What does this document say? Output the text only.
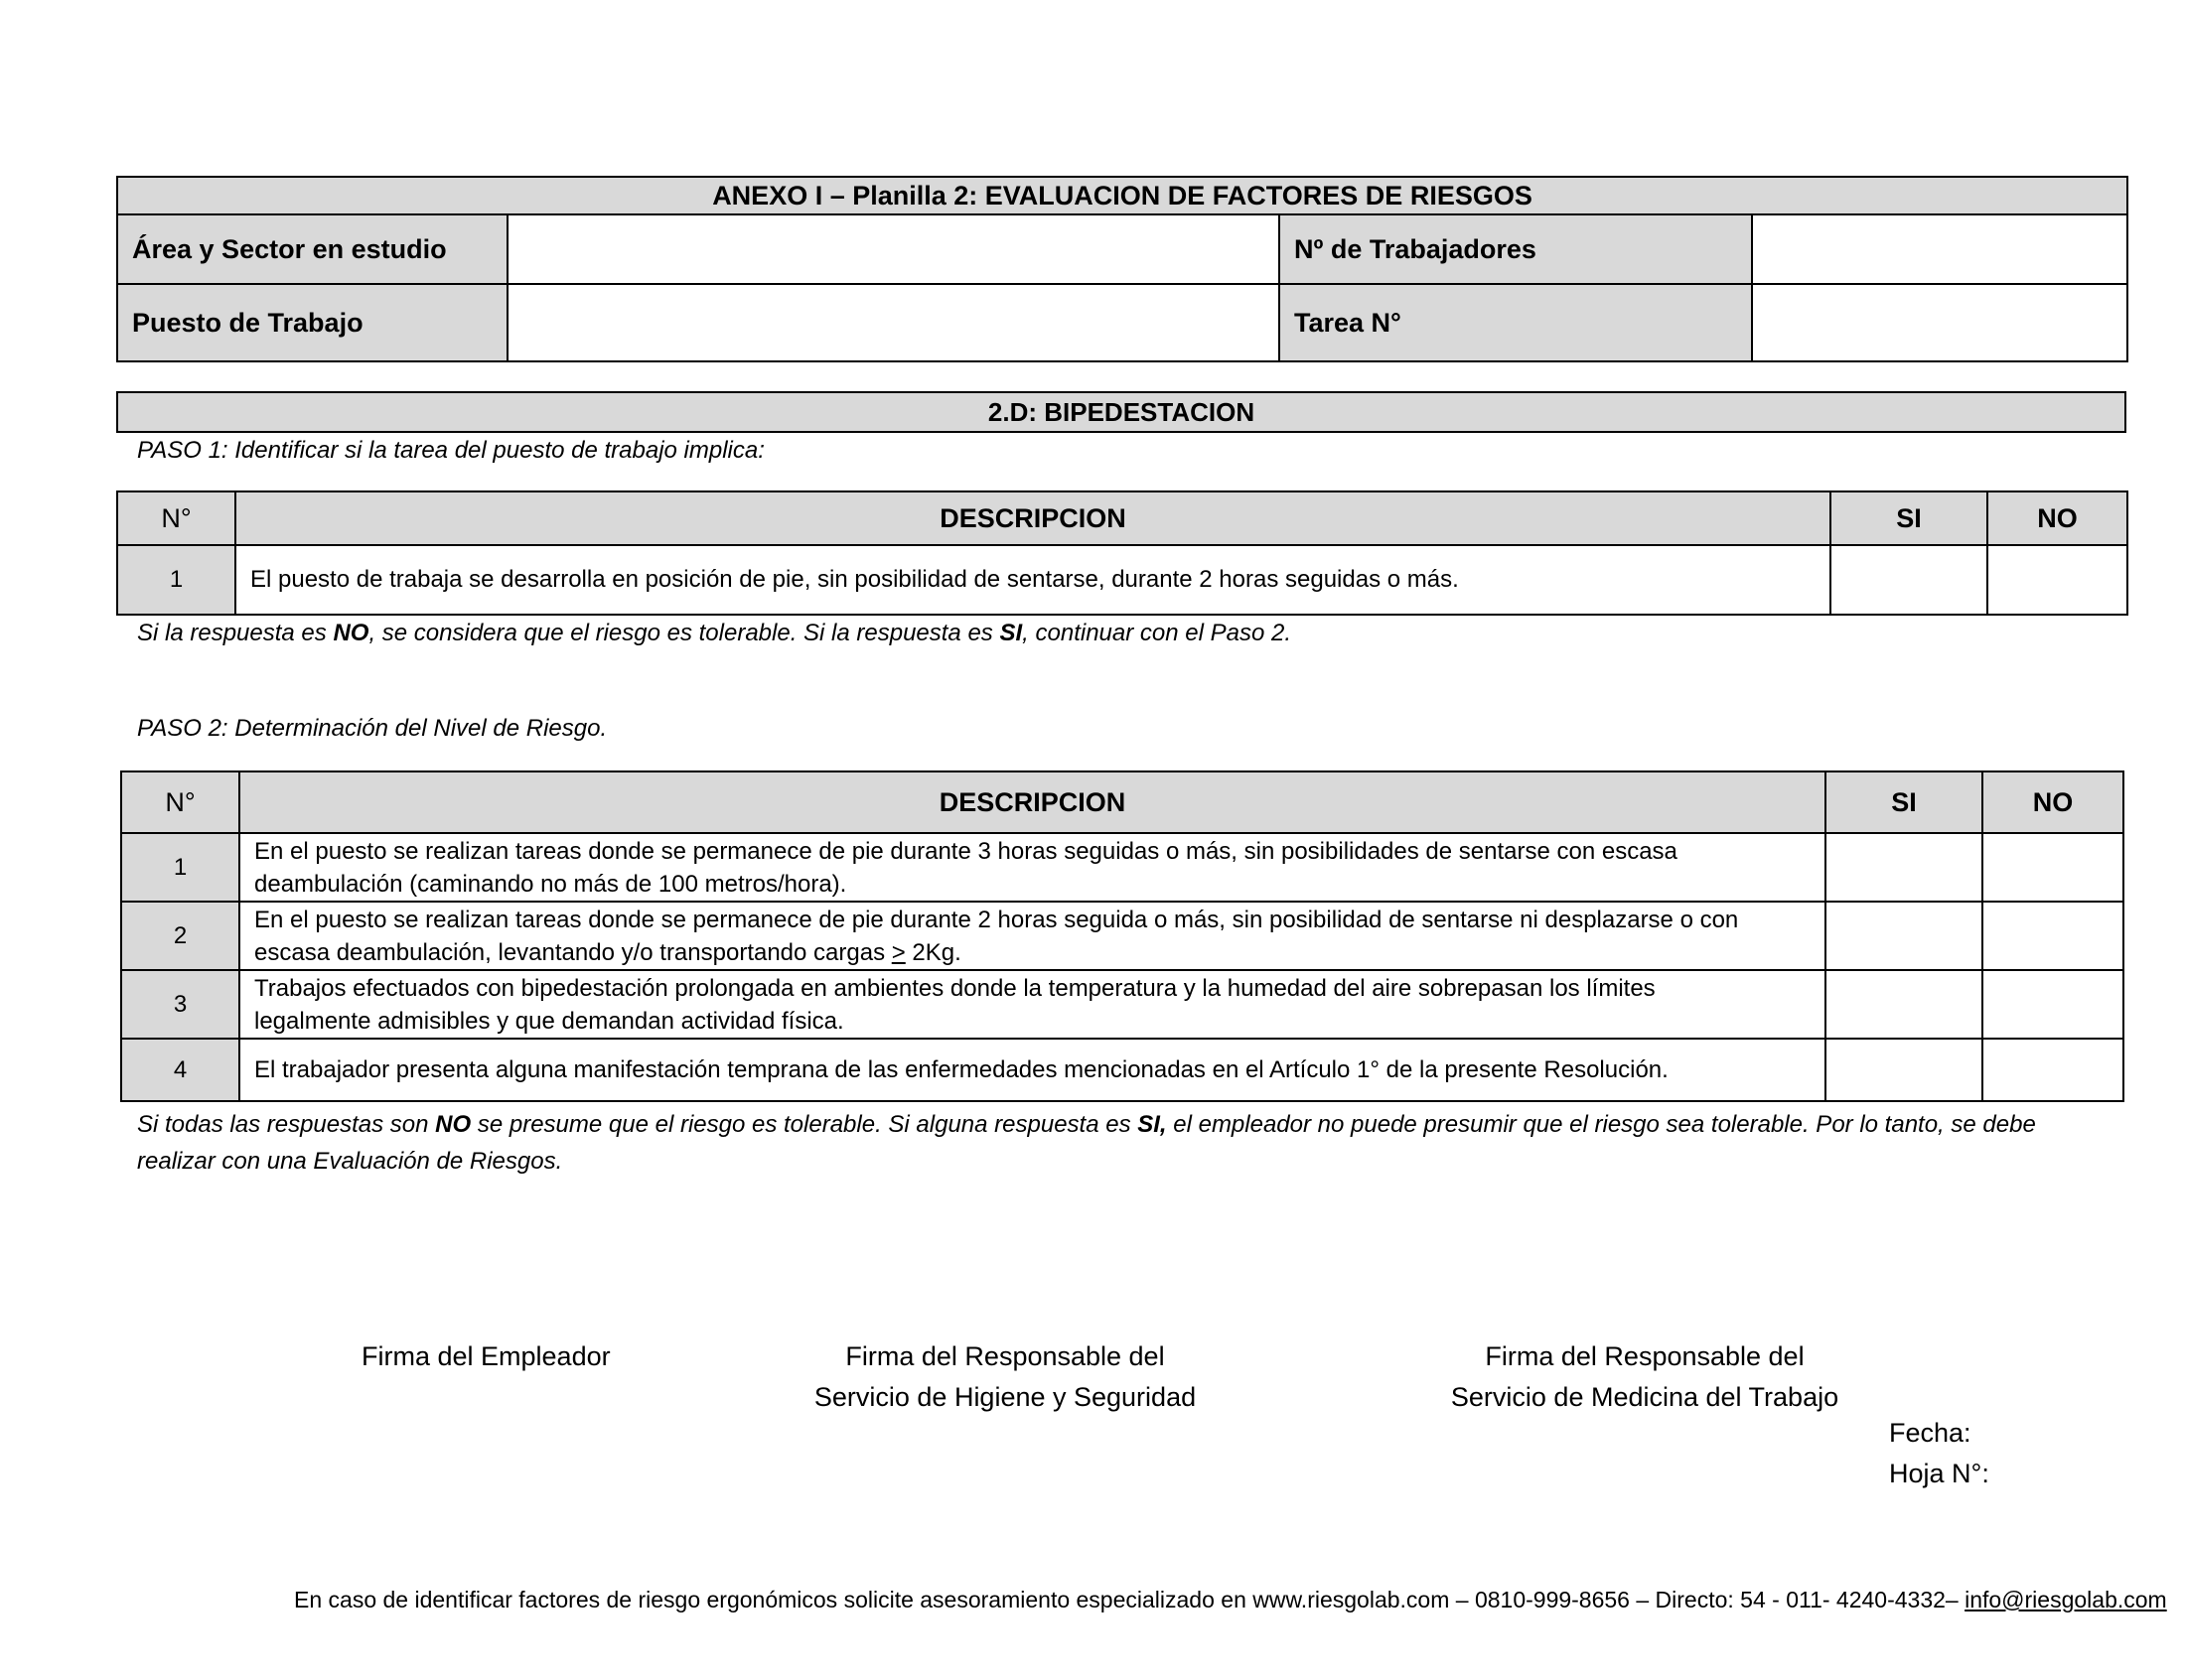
ANEXO I – Planilla 2: EVALUACION DE FACTORES DE RIESGOS			
Área y Sector en estudio		Nº de Trabajadores	
Puesto de Trabajo		Tarea N°	
2.D: BIPEDESTACION
PASO 1: Identificar si la tarea del puesto de trabajo implica:
N°	DESCRIPCION	SI	NO
1	El puesto de trabaja se desarrolla en posición de pie, sin posibilidad de sentarse, durante 2 horas seguidas o más.		
Si la respuesta es NO, se considera que el riesgo es tolerable. Si la respuesta es SI, continuar con el Paso 2.
PASO 2: Determinación del Nivel de Riesgo.
N°	DESCRIPCION	SI	NO
1	En el puesto se realizan tareas donde se permanece de pie durante 3 horas seguidas o más, sin posibilidades de sentarse con escasa
deambulación (caminando no más de 100 metros/hora).		
2	En el puesto se realizan tareas donde se permanece de pie durante 2 horas seguida o más, sin posibilidad de sentarse ni desplazarse o con
escasa deambulación, levantando y/o transportando cargas > 2Kg.		
3	Trabajos efectuados con bipedestación prolongada en ambientes donde la temperatura y la humedad del aire sobrepasan los límites
legalmente admisibles y que demandan actividad física.		
4	El trabajador presenta alguna manifestación temprana de las enfermedades mencionadas en el Artículo 1° de la presente Resolución.		
Si todas las respuestas son NO se presume que el riesgo es tolerable. Si alguna respuesta es SI, el empleador no puede presumir que el riesgo sea tolerable. Por lo tanto, se debe
realizar con una Evaluación de Riesgos.
Firma del Empleador	Firma del Responsable del
Servicio de Higiene y Seguridad
Firma del Responsable del
Servicio de Medicina del Trabajo
Fecha:
Hoja N°:
En caso de identificar factores de riesgo ergonómicos solicite asesoramiento especializado en www.riesgolab.com – 0810-999-8656 – Directo: 54 - 011- 4240-4332– info@riesgolab.com
